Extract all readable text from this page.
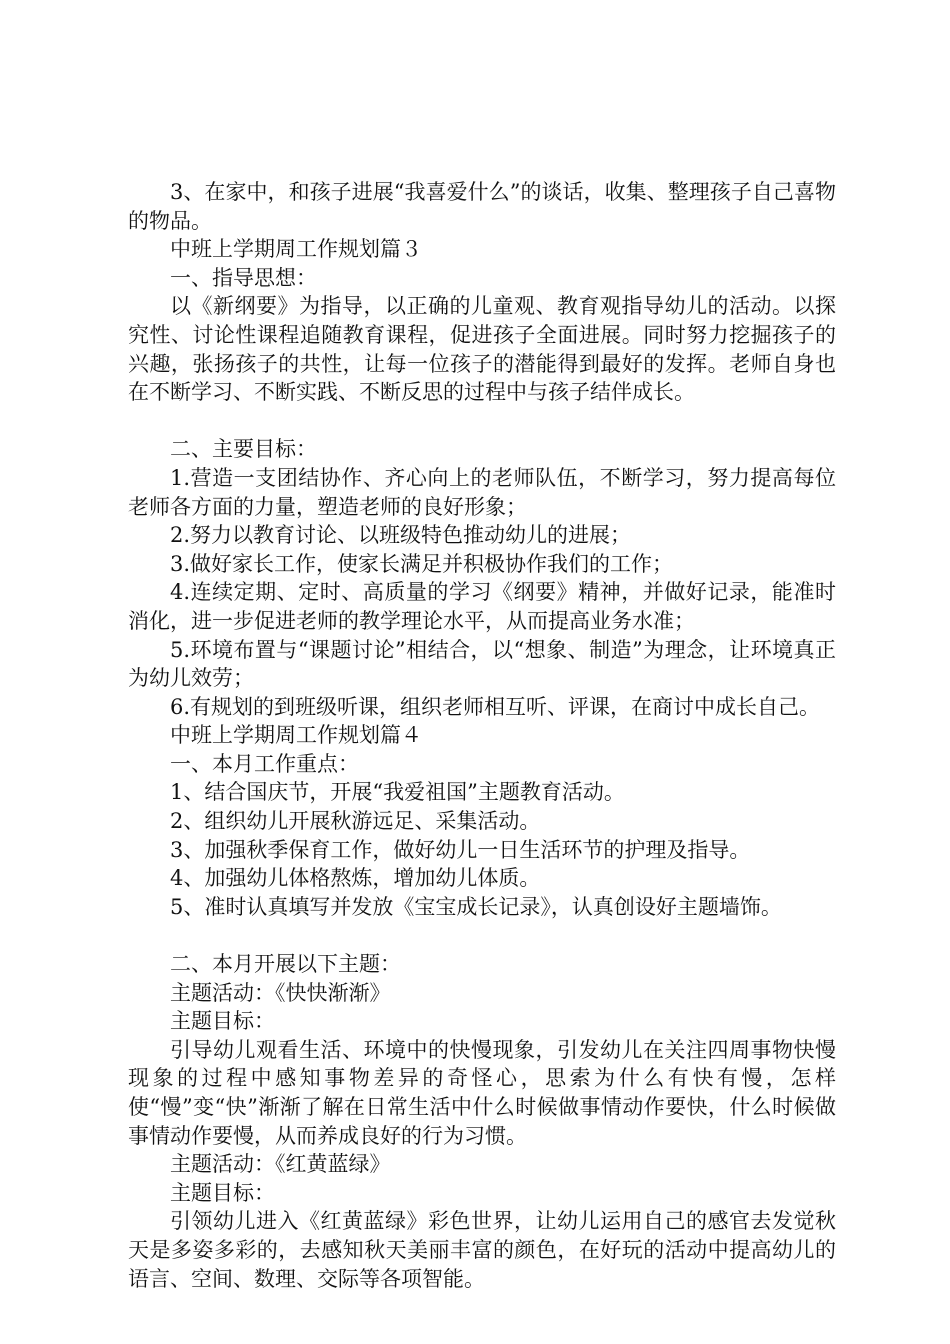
3、在家中，和孩子进展“我喜爱什么”的谈话，收集、整理孩子自己喜物的物品。

中班上学期周工作规划篇３

一、指导思想：

以《新纲要》为指导，以正确的儿童观、教育观指导幼儿的活动。以探究性、讨论性课程追随教育课程，促进孩子全面进展。同时努力挖掘孩子的兴趣，张扬孩子的共性，让每一位孩子的潜能得到最好的发挥。老师自身也在不断学习、不断实践、不断反思的过程中与孩子结伴成长。

二、主要目标：

1.营造一支团结协作、齐心向上的老师队伍，不断学习，努力提高每位老师各方面的力量，塑造老师的良好形象；

2.努力以教育讨论、以班级特色推动幼儿的进展；

3.做好家长工作，使家长满足并积极协作我们的工作；

4.连续定期、定时、高质量的学习《纲要》精神，并做好记录，能准时消化，进一步促进老师的教学理论水平，从而提高业务水准；

5.环境布置与“课题讨论”相结合，以“想象、制造”为理念，让环境真正为幼儿效劳；

6.有规划的到班级听课，组织老师相互听、评课，在商讨中成长自己。

中班上学期周工作规划篇４

一、本月工作重点：

1、结合国庆节，开展“我爱祖国”主题教育活动。

2、组织幼儿开展秋游远足、采集活动。

3、加强秋季保育工作，做好幼儿一日生活环节的护理及指导。

4、加强幼儿体格熬炼，增加幼儿体质。

5、准时认真填写并发放《宝宝成长记录》，认真创设好主题墙饰。

二、本月开展以下主题：

主题活动：《快快渐渐》

主题目标：

引导幼儿观看生活、环境中的快慢现象，引发幼儿在关注四周事物快慢现象的过程中感知事物差异的奇怪心，思索为什么有快有慢，怎样使“慢”变“快”渐渐了解在日常生活中什么时候做事情动作要快，什么时候做事情动作要慢，从而养成良好的行为习惯。

主题活动：《红黄蓝绿》

主题目标：

引领幼儿进入《红黄蓝绿》彩色世界，让幼儿运用自己的感官去发觉秋天是多姿多彩的，去感知秋天美丽丰富的颜色，在好玩的活动中提高幼儿的语言、空间、数理、交际等各项智能。
